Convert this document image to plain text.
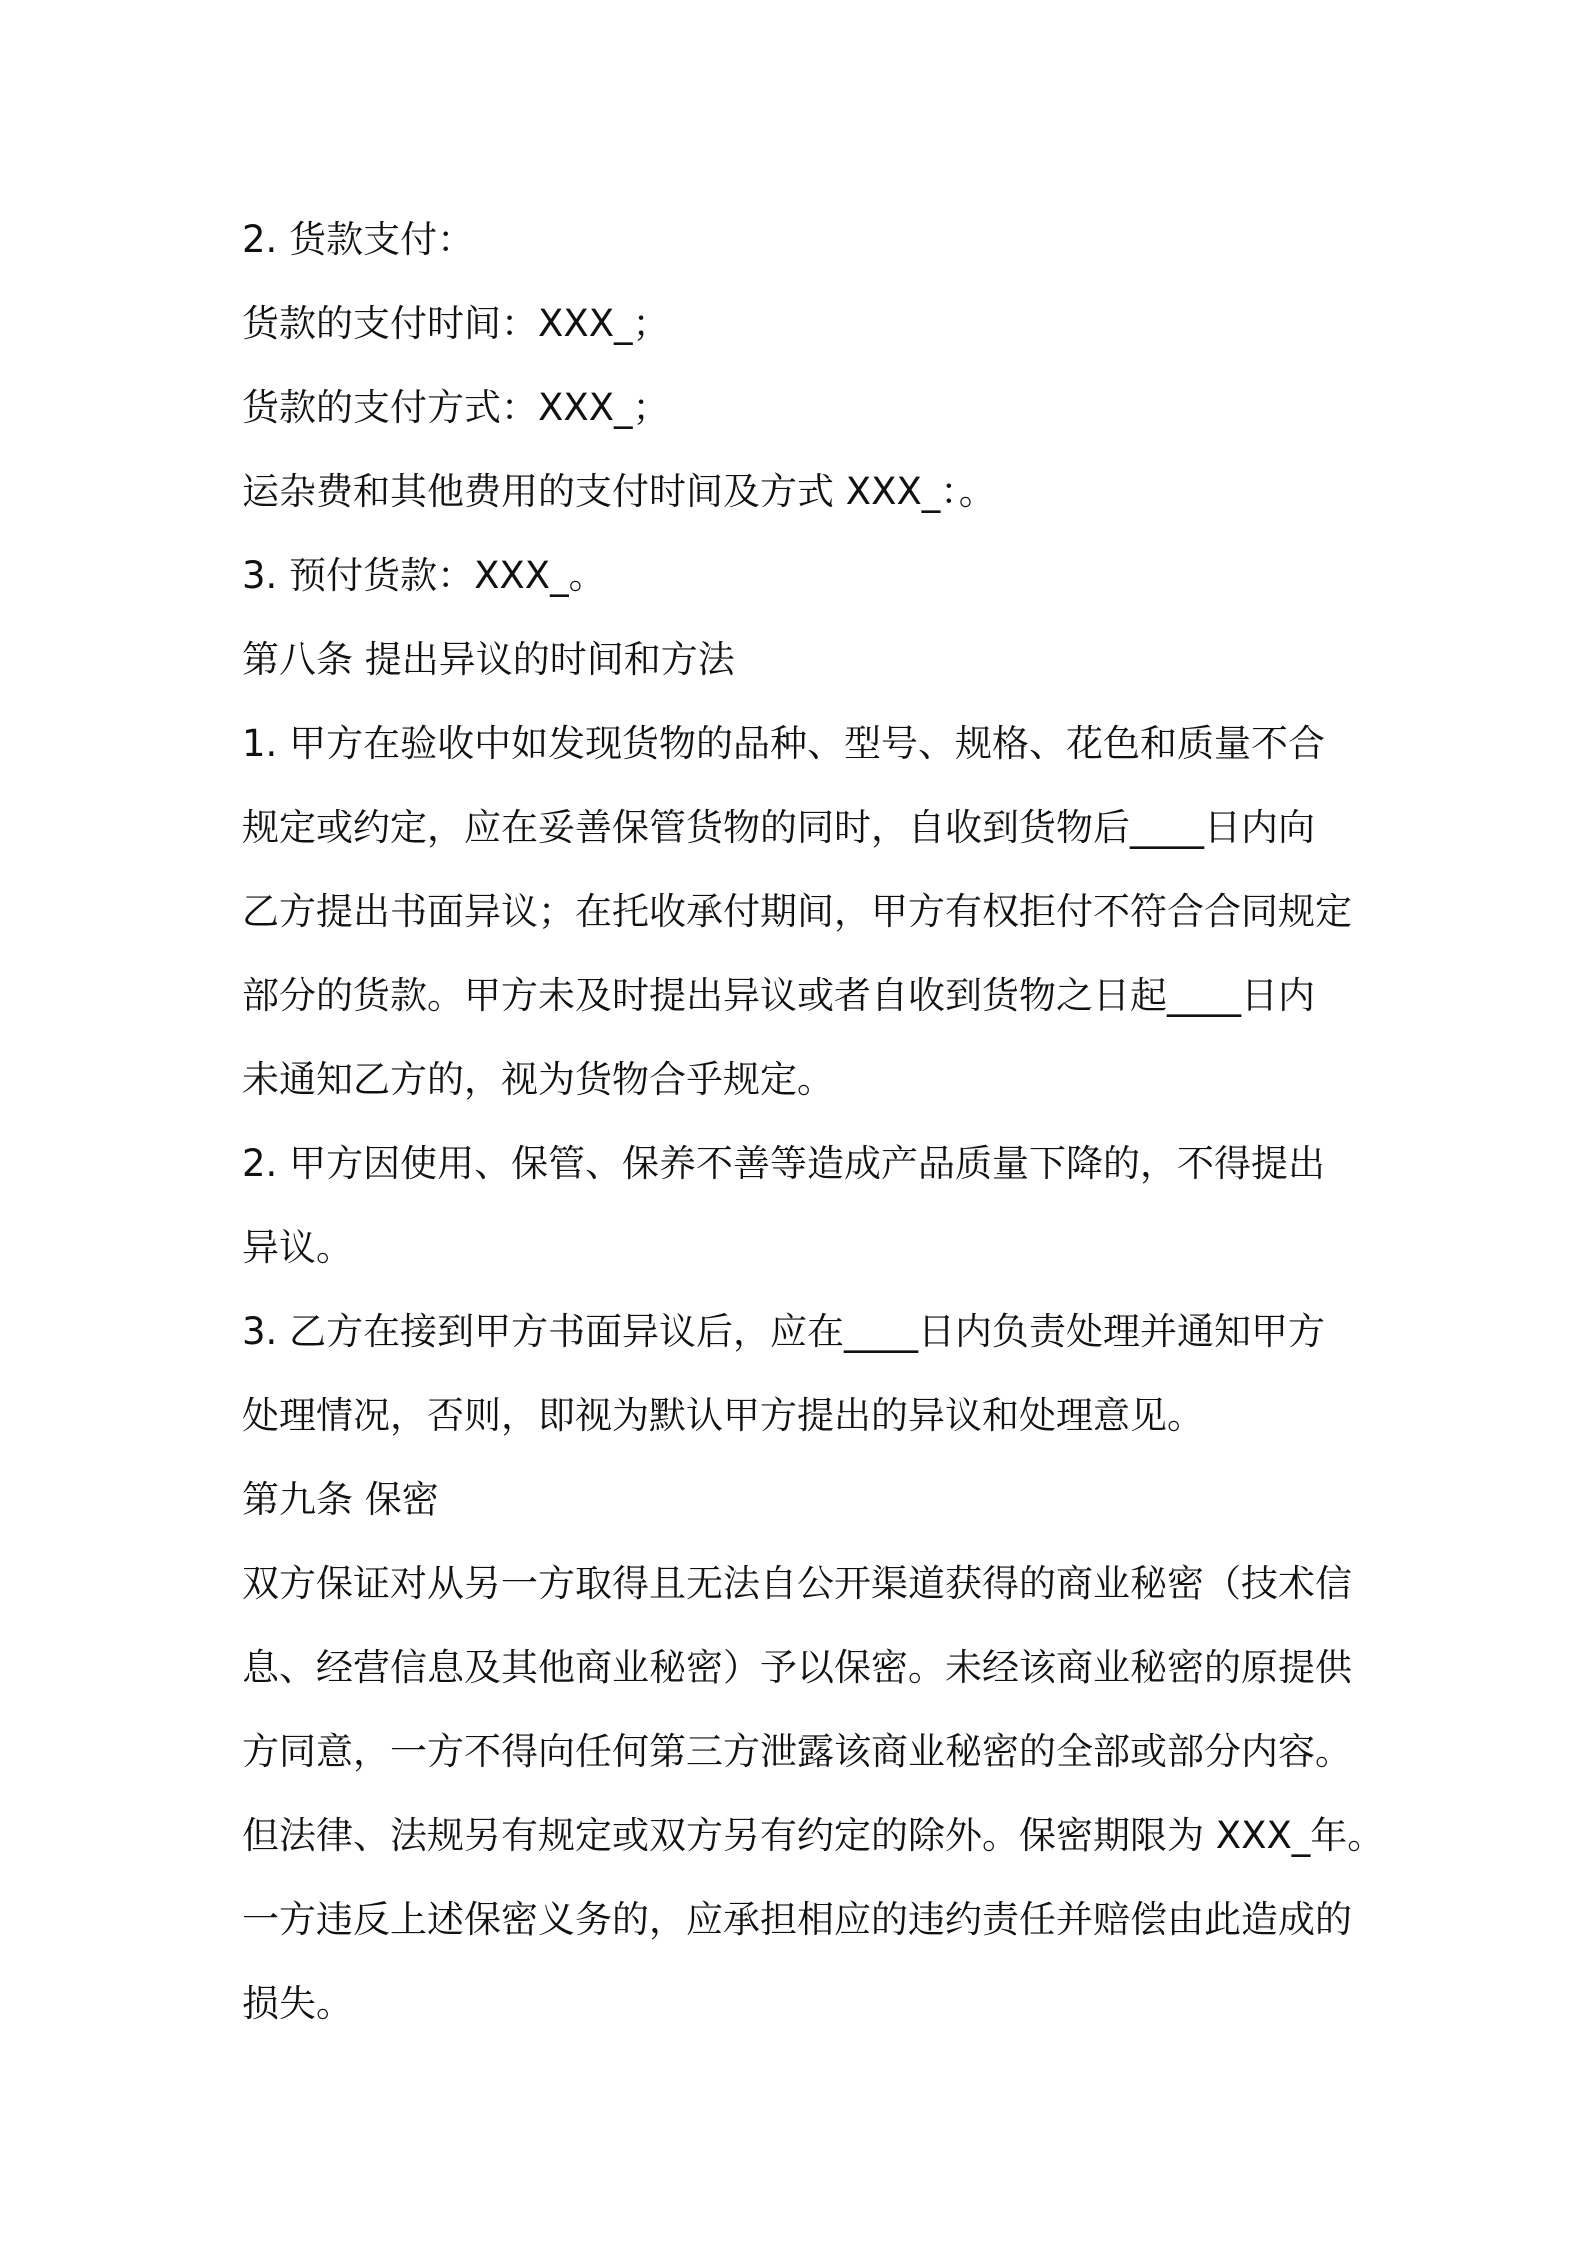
2. 货款支付：
货款的支付时间：XXX_；
货款的支付方式：XXX_；
运杂费和其他费用的支付时间及方式 XXX_：。
3. 预付货款：XXX_。
第八条 提出异议的时间和方法
1. 甲方在验收中如发现货物的品种、型号、规格、花色和质量不合
规定或约定，应在妥善保管货物的同时，自收到货物后____日内向
乙方提出书面异议；在托收承付期间，甲方有权拒付不符合合同规定
部分的货款。甲方未及时提出异议或者自收到货物之日起____日内
未通知乙方的，视为货物合乎规定。
2. 甲方因使用、保管、保养不善等造成产品质量下降的，不得提出
异议。
3. 乙方在接到甲方书面异议后，应在____日内负责处理并通知甲方
处理情况，否则，即视为默认甲方提出的异议和处理意见。
第九条 保密
双方保证对从另一方取得且无法自公开渠道获得的商业秘密（技术信
息、经营信息及其他商业秘密）予以保密。未经该商业秘密的原提供
方同意，一方不得向任何第三方泄露该商业秘密的全部或部分内容。
但法律、法规另有规定或双方另有约定的除外。保密期限为 XXX_年。
一方违反上述保密义务的，应承担相应的违约责任并赔偿由此造成的
损失。
